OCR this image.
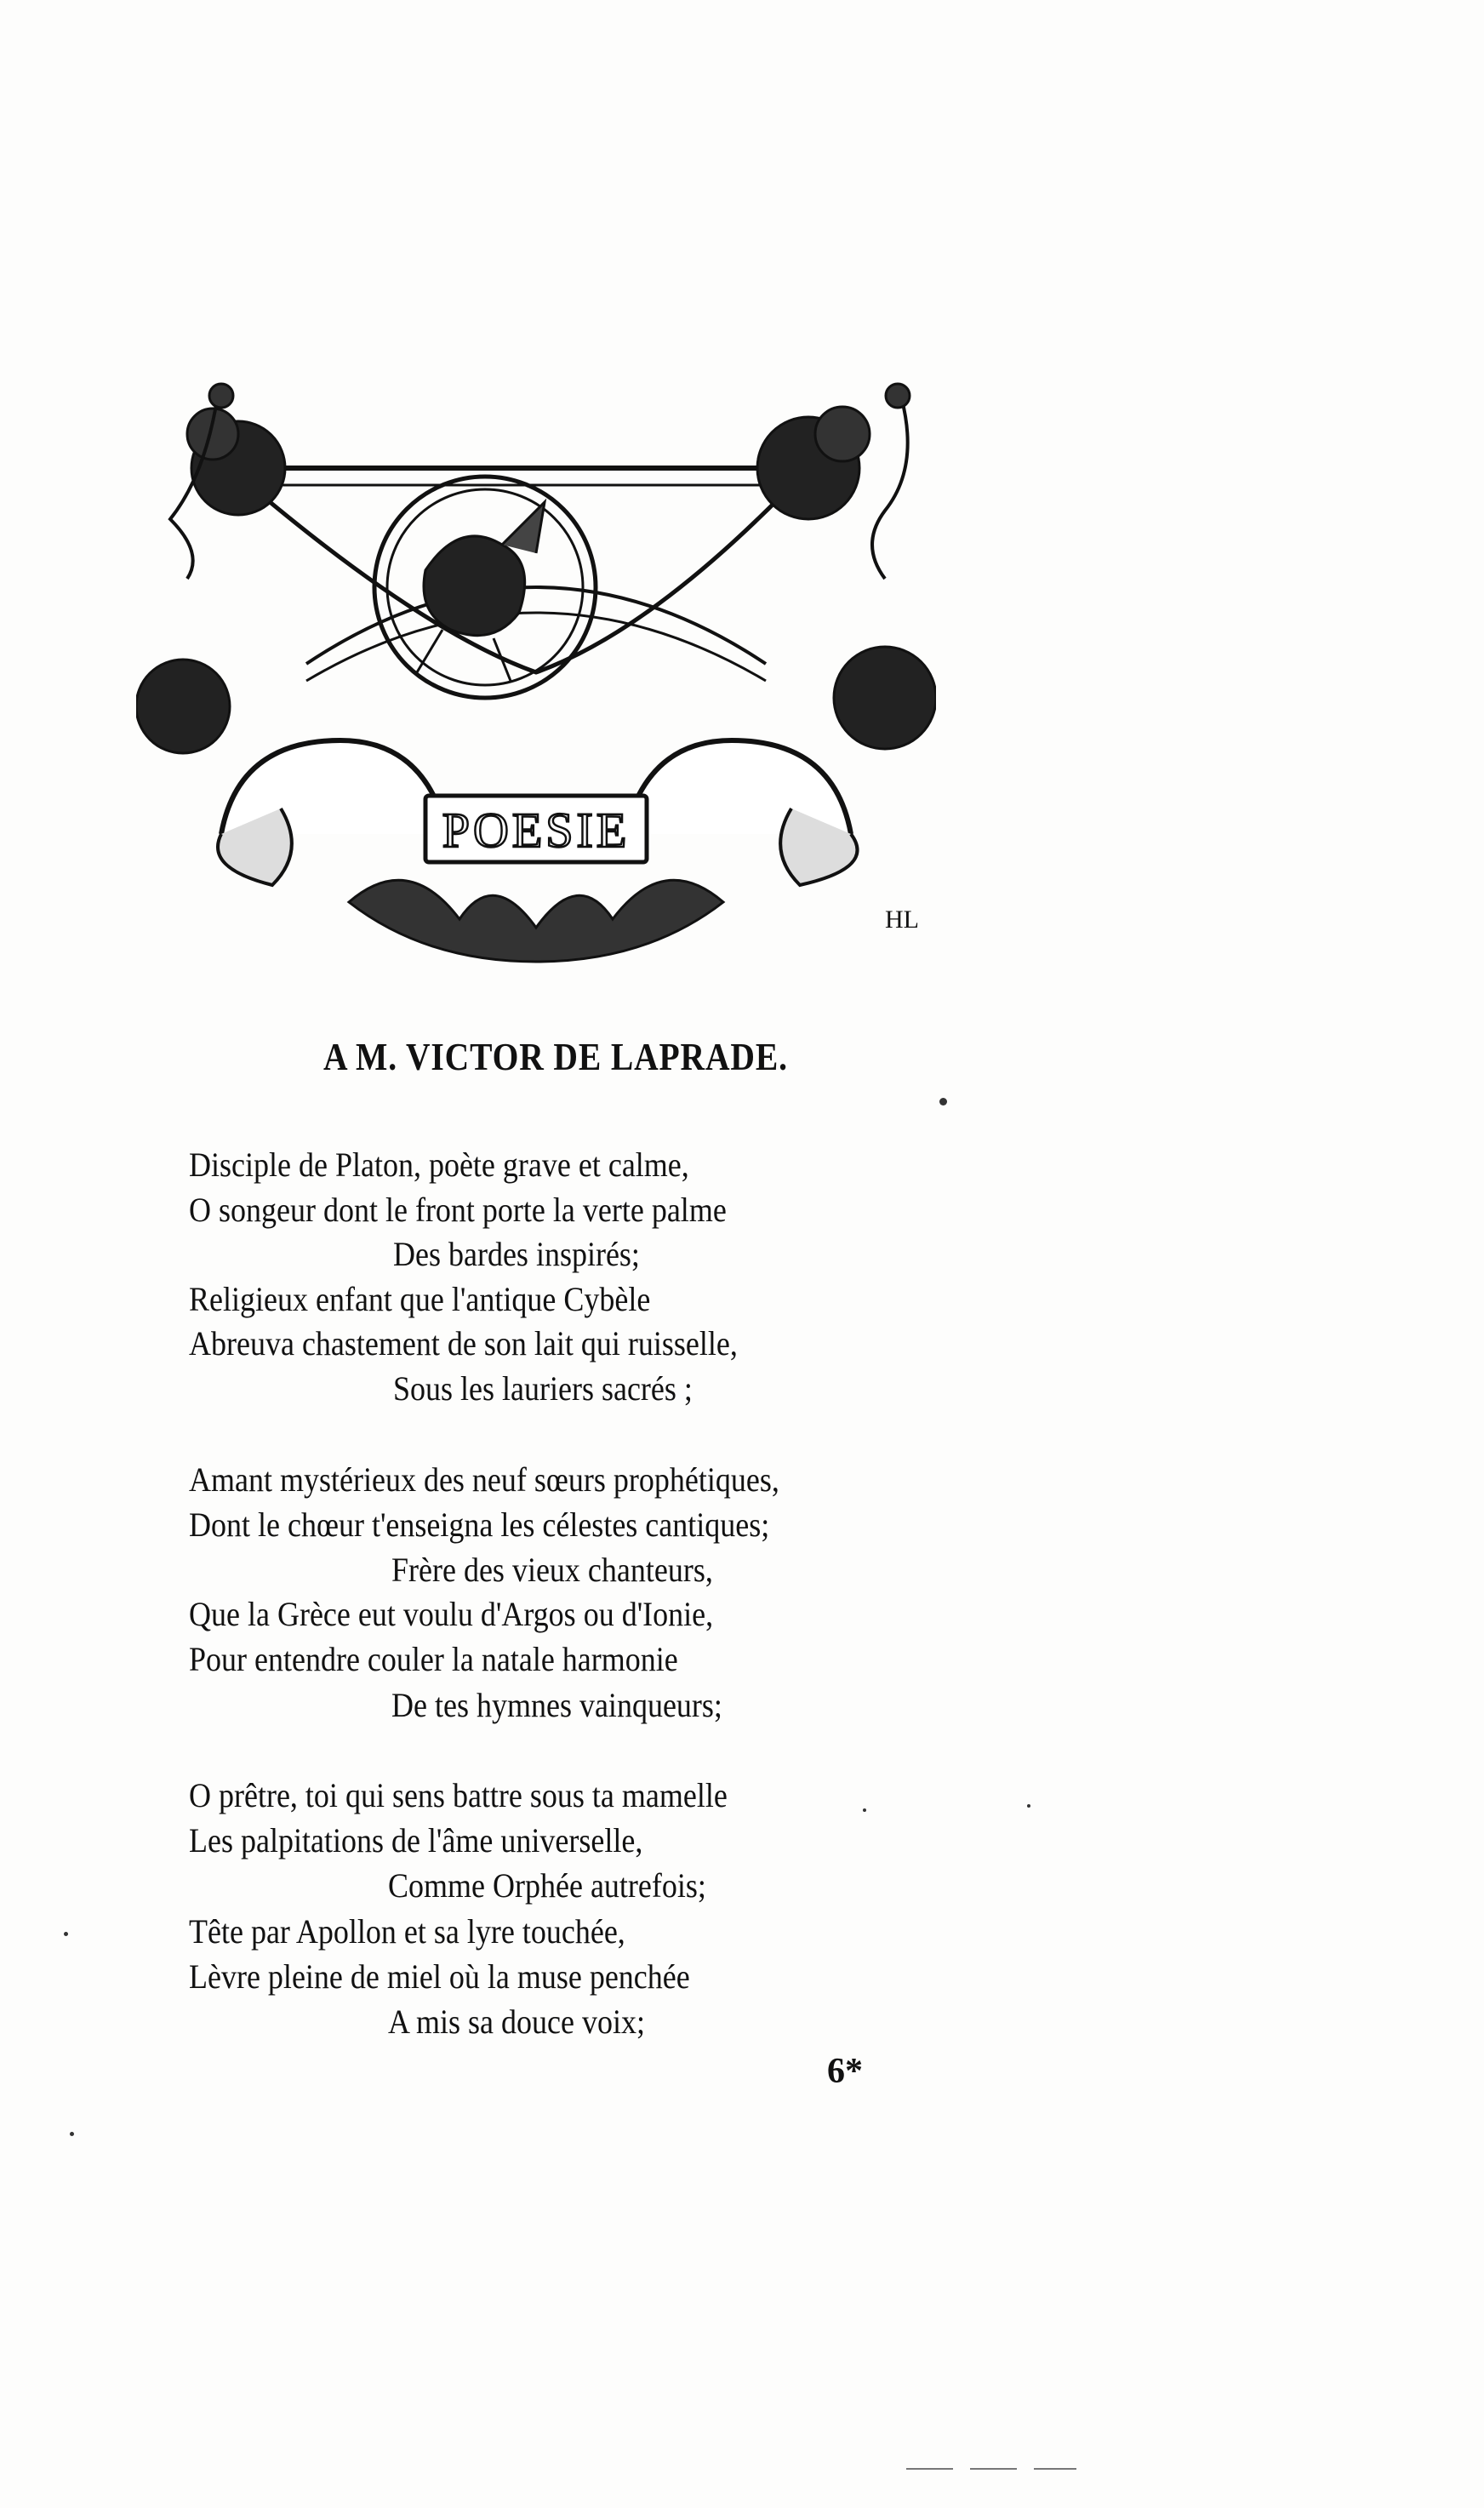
POESIE
HL
A M. VICTOR DE LAPRADE.
Disciple de Platon, poète grave et calme,
O songeur dont le front porte la verte palme
Des bardes inspirés;
Religieux enfant que l'antique Cybèle
Abreuva chastement de son lait qui ruisselle,
Sous les lauriers sacrés ;
Amant mystérieux des neuf sœurs prophétiques,
Dont le chœur t'enseigna les célestes cantiques;
Frère des vieux chanteurs,
Que la Grèce eut voulu d'Argos ou d'Ionie,
Pour entendre couler la natale harmonie
De tes hymnes vainqueurs;
O prêtre, toi qui sens battre sous ta mamelle
Les palpitations de l'âme universelle,
Comme Orphée autrefois;
Tête par Apollon et sa lyre touchée,
Lèvre pleine de miel où la muse penchée
A mis sa douce voix;
6*
